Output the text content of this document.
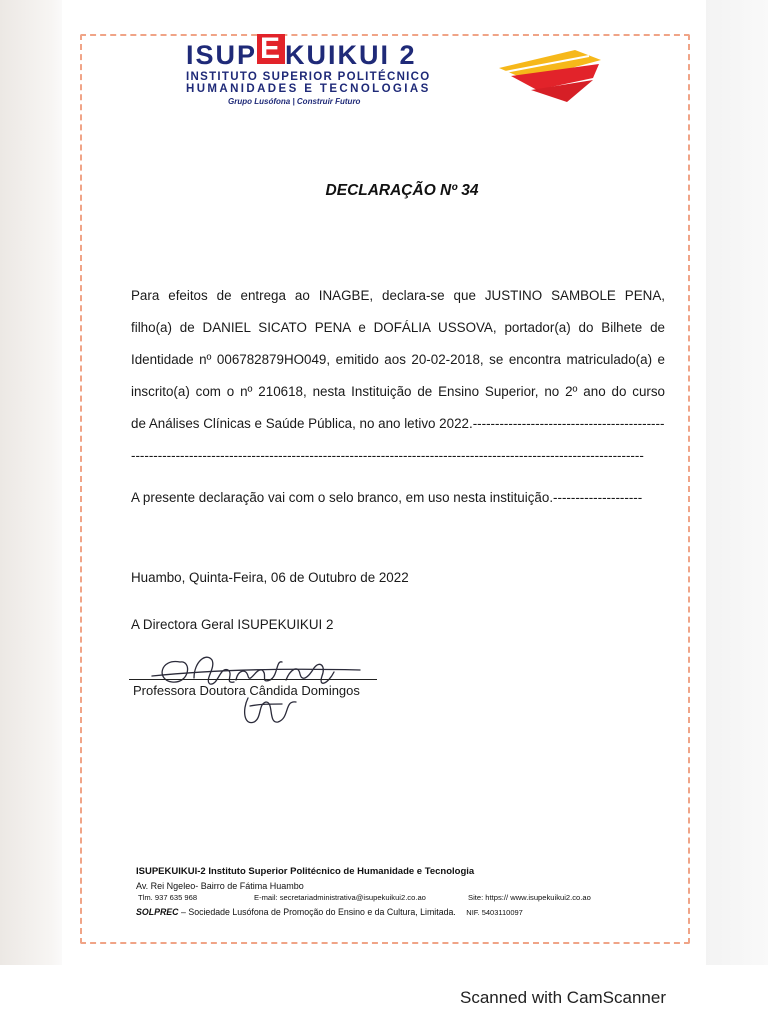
ISUP E KUIKUI 2
INSTITUTO SUPERIOR POLITÉCNICO
HUMANIDADES E TECNOLOGIAS
Grupo Lusófona | Construir Futuro
DECLARAÇÃO Nº 34
Para efeitos de entrega ao INAGBE, declara-se que JUSTINO SAMBOLE PENA,
filho(a) de DANIEL SICATO PENA e DOFÁLIA USSOVA, portador(a) do Bilhete de
Identidade nº 006782879HO049, emitido aos 20-02-2018, se encontra matriculado(a) e
inscrito(a) com o nº 210618, nesta Instituição de Ensino Superior, no 2º ano do curso
de Análises Clínicas e Saúde Pública, no ano letivo 2022.-------------------------------------------
-------------------------------------------------------------------------------------------------------------------
A presente declaração vai com o selo branco, em uso nesta instituição.--------------------
Huambo, Quinta-Feira, 06 de Outubro de 2022
A Directora Geral ISUPEKUIKUI 2
Professora Doutora Cândida Domingos
ISUPEKUIKUI-2 Instituto Superior Politécnico de Humanidade e Tecnologia
Av. Rei Ngeleo- Bairro de Fátima Huambo
Tlm. 937 635 968	E-mail: secretariadministrativa@isupekuikui2.co.ao	Site: https:// www.isupekuikui2.co.ao
SOLPREC – Sociedade Lusófona de Promoção do Ensino e da Cultura, Limitada. NIF. 5403110097
Scanned with CamScanner
